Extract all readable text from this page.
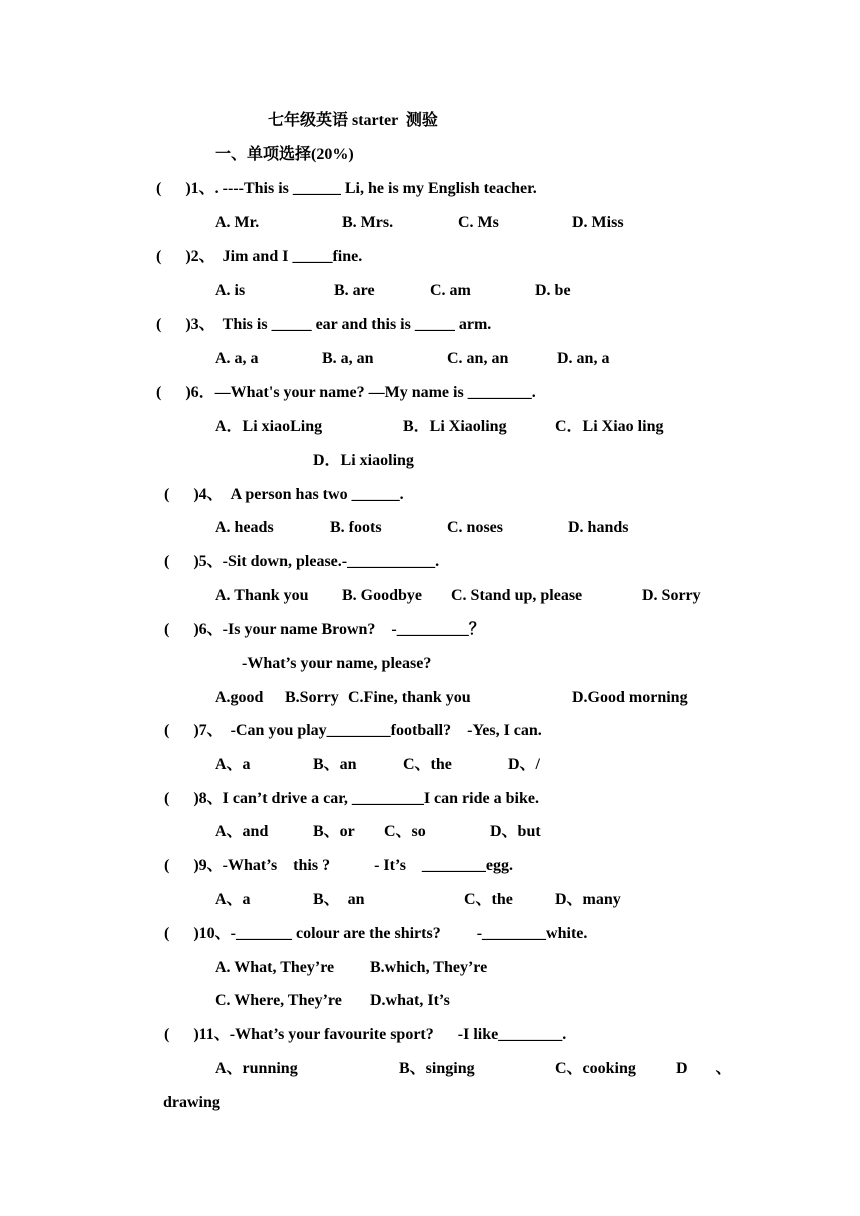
七年级英语 starter  测验
一、单项选择(20%)
(      )1、. ----This is ______ Li, he is my English teacher.
A. Mr.	B. Mrs.	C. Ms	D. Miss
(      )2、  Jim and I _____fine.
A. is	B. are	C. am	D. be
(      )3、  This is _____ ear and this is _____ arm.
A. a, a	B. a, an	C. an, an	D. an, a
(      )6．—What's your name? —My name is ________.
A．Li xiaoLing	B．Li Xiaoling	C．Li Xiao ling
D．Li xiaoling
(      )4、  A person has two ______.
A. heads	B. foots	C. noses	D. hands
(      )5、-Sit down, please.-___________.
A. Thank you B. Goodbye C. Stand up, please	D. Sorry
(      )6、-Is your name Brown?    -_________？
-What’s your name, please?
A.good B.Sorry C.Fine, thank you	D.Good morning
(      )7、  -Can you play________football?    -Yes, I can.
A、a	B、an	C、the	D、/
(      )8、I can’t drive a car, _________I can ride a bike.
A、and	B、or C、so	D、but
(      )9、-What’s    this ?           - It’s    ________egg.
A、a	B、  an	C、the	D、many
(      )10、-_______ colour are the shirts?         -________white.
A. What, They’re B.which, They’re
C. Where, They’re D.what, It’s
(      )11、-What’s your favourite sport?      -I like________.
A、running	B、singing	C、cooking	D       、
drawing
